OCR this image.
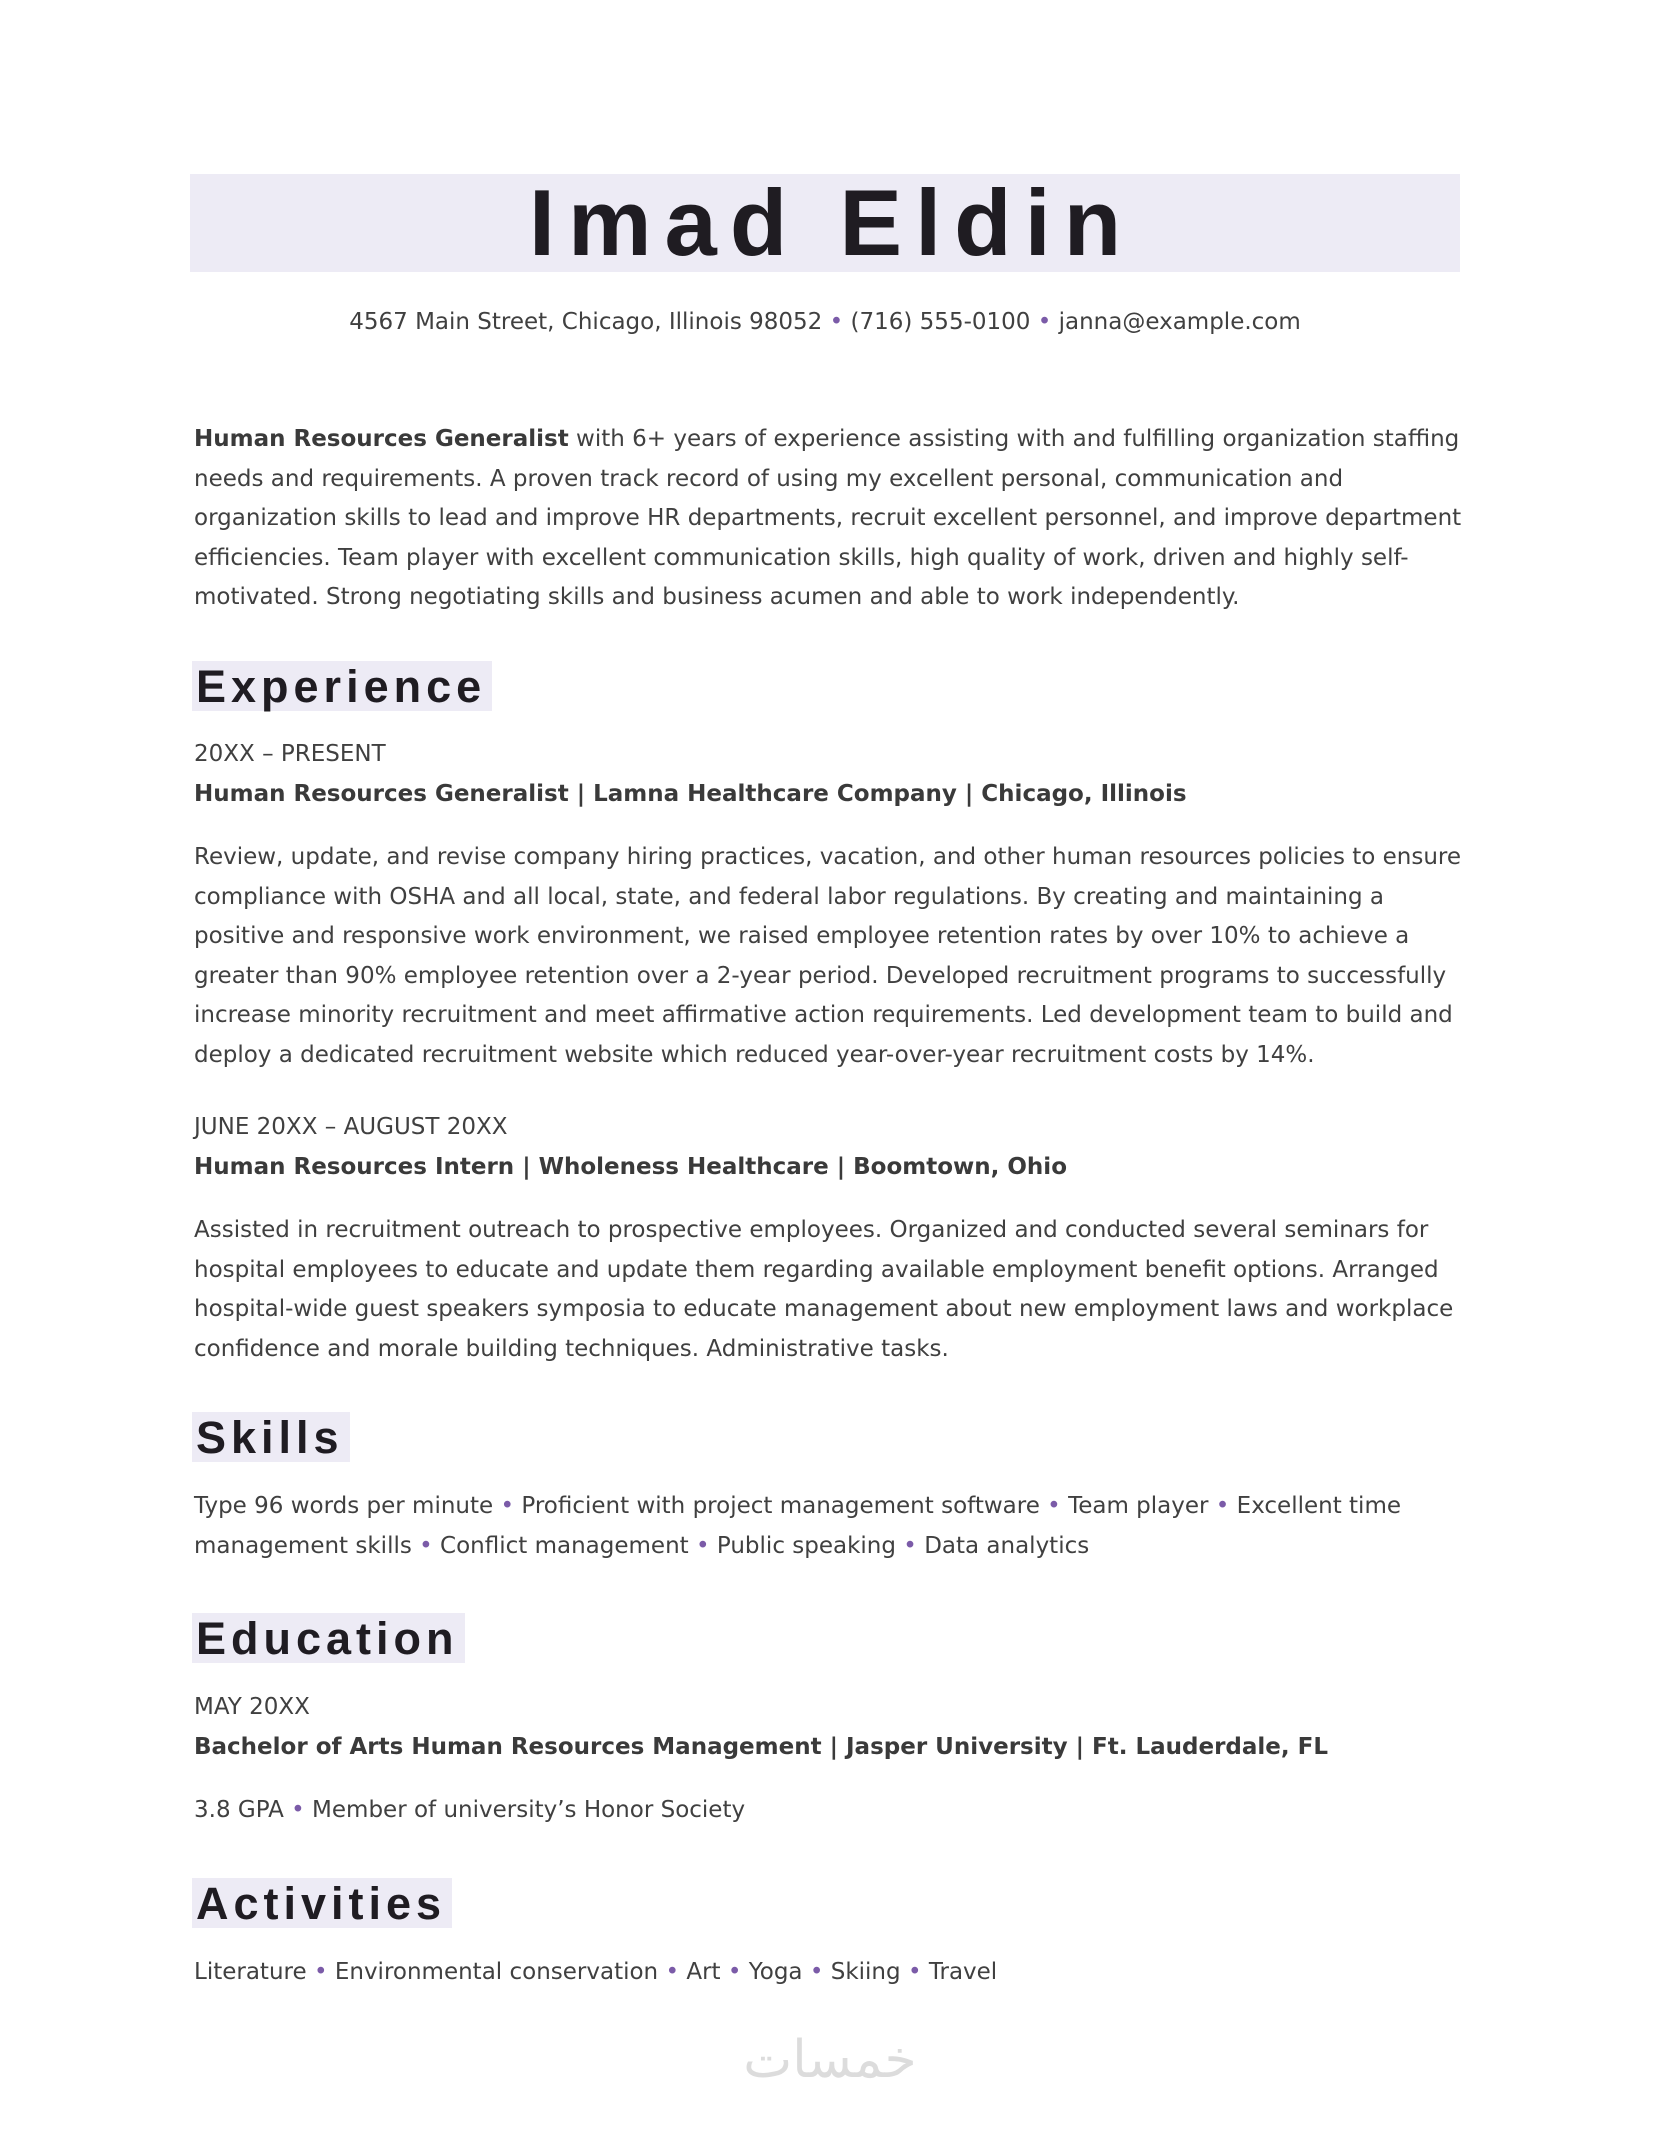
Imad Eldin
4567 Main Street, Chicago, Illinois 98052 • (716) 555-0100 • janna@example.com
Human Resources Generalist with 6+ years of experience assisting with and fulfilling organization staffing needs and requirements. A proven track record of using my excellent personal, communication and organization skills to lead and improve HR departments, recruit excellent personnel, and improve department efficiencies. Team player with excellent communication skills, high quality of work, driven and highly self-motivated. Strong negotiating skills and business acumen and able to work independently.
Experience
20XX – PRESENT
Human Resources Generalist | Lamna Healthcare Company | Chicago, Illinois
Review, update, and revise company hiring practices, vacation, and other human resources policies to ensure compliance with OSHA and all local, state, and federal labor regulations. By creating and maintaining a positive and responsive work environment, we raised employee retention rates by over 10% to achieve a greater than 90% employee retention over a 2-year period. Developed recruitment programs to successfully increase minority recruitment and meet affirmative action requirements. Led development team to build and deploy a dedicated recruitment website which reduced year-over-year recruitment costs by 14%.
JUNE 20XX – AUGUST 20XX
Human Resources Intern | Wholeness Healthcare | Boomtown, Ohio
Assisted in recruitment outreach to prospective employees. Organized and conducted several seminars for hospital employees to educate and update them regarding available employment benefit options. Arranged hospital-wide guest speakers symposia to educate management about new employment laws and workplace confidence and morale building techniques. Administrative tasks.
Skills
Type 96 words per minute • Proficient with project management software • Team player • Excellent time management skills • Conflict management • Public speaking • Data analytics
Education
MAY 20XX
Bachelor of Arts Human Resources Management | Jasper University | Ft. Lauderdale, FL
3.8 GPA • Member of university’s Honor Society
Activities
Literature • Environmental conservation • Art • Yoga • Skiing • Travel
خمسات
